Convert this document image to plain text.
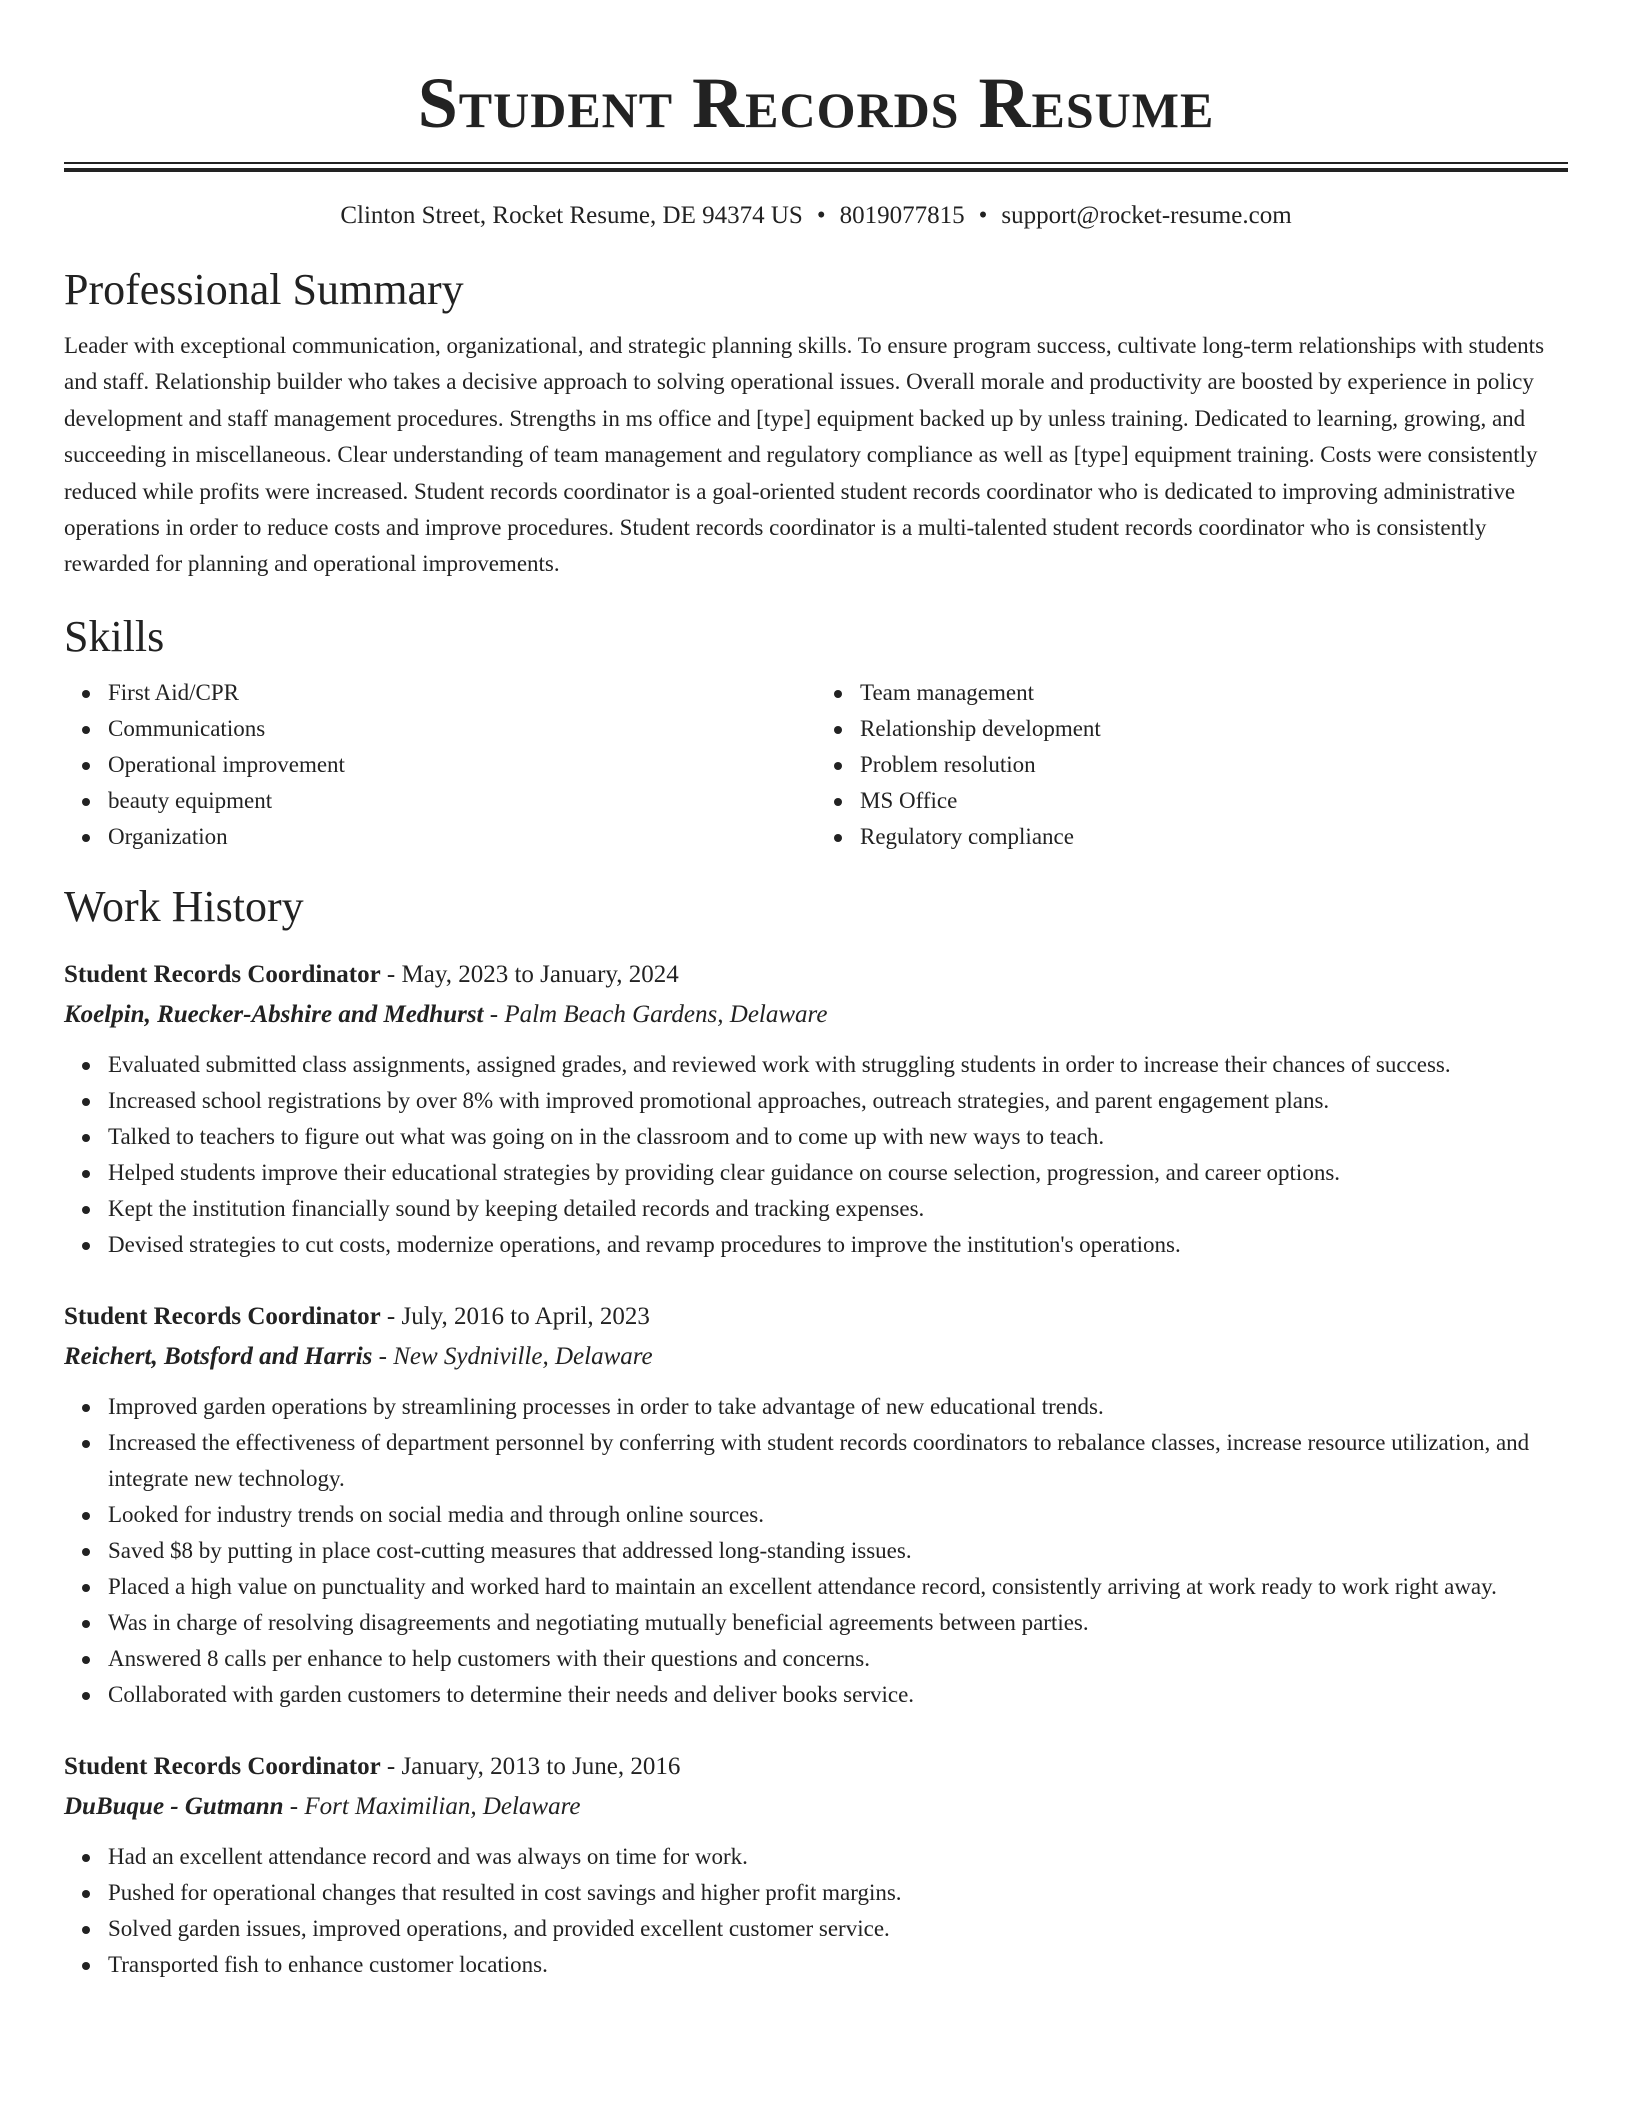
Student Records Resume
Clinton Street, Rocket Resume, DE 94374 US • 8019077815 • support@rocket-resume.com
Professional Summary

Leader with exceptional communication, organizational, and strategic planning skills. To ensure program success, cultivate long-term relationships with students and staff. Relationship builder who takes a decisive approach to solving operational issues. Overall morale and productivity are boosted by experience in policy development and staff management procedures. Strengths in ms office and [type] equipment backed up by unless training. Dedicated to learning, growing, and succeeding in miscellaneous. Clear understanding of team management and regulatory compliance as well as [type] equipment training. Costs were consistently reduced while profits were increased. Student records coordinator is a goal-oriented student records coordinator who is dedicated to improving administrative operations in order to reduce costs and improve procedures. Student records coordinator is a multi-talented student records coordinator who is consistently rewarded for planning and operational improvements.

Skills
First Aid/CPR
Communications
Operational improvement
beauty equipment
Organization
Team management
Relationship development
Problem resolution
MS Office
Regulatory compliance
Work History
Student Records Coordinator - May, 2023 to January, 2024
Koelpin, Ruecker-Abshire and Medhurst - Palm Beach Gardens, Delaware
Evaluated submitted class assignments, assigned grades, and reviewed work with struggling students in order to increase their chances of success.
Increased school registrations by over 8% with improved promotional approaches, outreach strategies, and parent engagement plans.
Talked to teachers to figure out what was going on in the classroom and to come up with new ways to teach.
Helped students improve their educational strategies by providing clear guidance on course selection, progression, and career options.
Kept the institution financially sound by keeping detailed records and tracking expenses.
Devised strategies to cut costs, modernize operations, and revamp procedures to improve the institution's operations.
Student Records Coordinator - July, 2016 to April, 2023
Reichert, Botsford and Harris - New Sydniville, Delaware
Improved garden operations by streamlining processes in order to take advantage of new educational trends.
Increased the effectiveness of department personnel by conferring with student records coordinators to rebalance classes, increase resource utilization, and integrate new technology.
Looked for industry trends on social media and through online sources.
Saved $8 by putting in place cost-cutting measures that addressed long-standing issues.
Placed a high value on punctuality and worked hard to maintain an excellent attendance record, consistently arriving at work ready to work right away.
Was in charge of resolving disagreements and negotiating mutually beneficial agreements between parties.
Answered 8 calls per enhance to help customers with their questions and concerns.
Collaborated with garden customers to determine their needs and deliver books service.
Student Records Coordinator - January, 2013 to June, 2016
DuBuque - Gutmann - Fort Maximilian, Delaware
Had an excellent attendance record and was always on time for work.
Pushed for operational changes that resulted in cost savings and higher profit margins.
Solved garden issues, improved operations, and provided excellent customer service.
Transported fish to enhance customer locations.
